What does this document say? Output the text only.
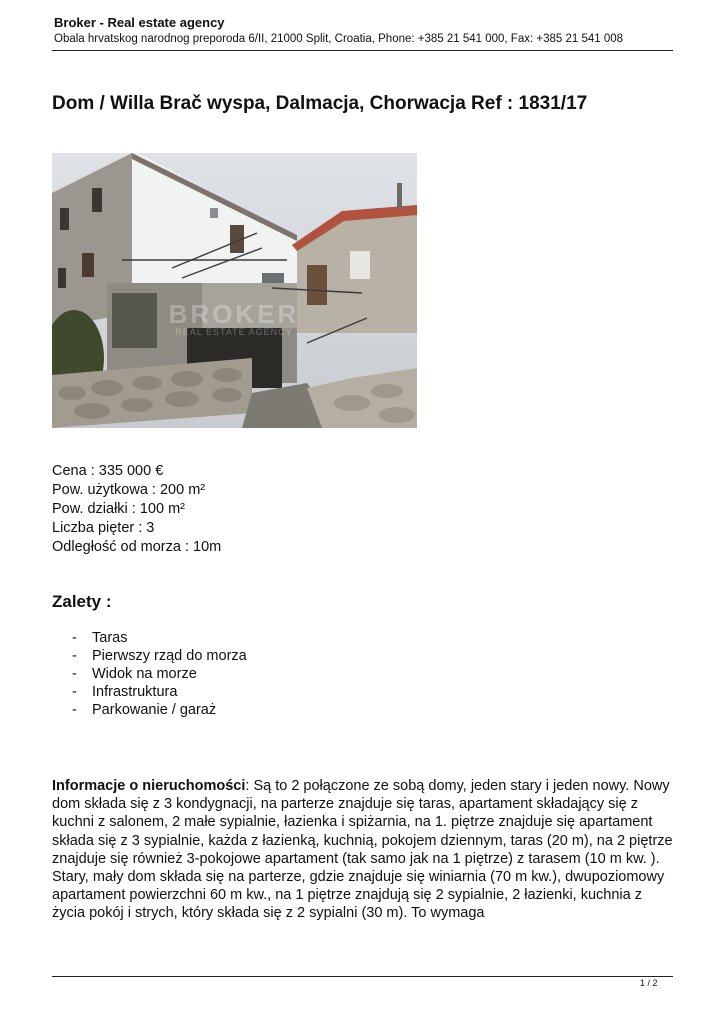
Broker - Real estate agency
Obala hrvatskog narodnog preporoda 6/II, 21000 Split, Croatia, Phone: +385 21 541 000, Fax: +385 21 541 008
Dom / Willa Brač wyspa, Dalmacja, Chorwacja Ref : 1831/17
BROKER
REAL ESTATE AGENCY
Cena : 335 000 €
Pow. użytkowa : 200 m²
Pow. działki : 100 m²
Liczba pięter : 3
Odległość od morza : 10m
Zalety :
- Taras
- Pierwszy rząd do morza
- Widok na morze
- Infrastruktura
- Parkowanie / garaż
Informacje o nieruchomości: Są to 2 połączone ze sobą domy, jeden stary i jeden nowy. Nowy dom składa się z 3 kondygnacji, na parterze znajduje się taras, apartament składający się z kuchni z salonem, 2 małe sypialnie, łazienka i spiżarnia, na 1. piętrze znajduje się apartament składa się z 3 sypialnie, każda z łazienką, kuchnią, pokojem dziennym, taras (20 m), na 2 piętrze znajduje się również 3-pokojowe apartament (tak samo jak na 1 piętrze) z tarasem (10 m kw. ). Stary, mały dom składa się na parterze, gdzie znajduje się winiarnia (70 m kw.), dwupoziomowy apartament powierzchni 60 m kw., na 1 piętrze znajdują się 2 sypialnie, 2 łazienki, kuchnia z życia pokój i strych, który składa się z 2 sypialni (30 m). To wymaga
1 / 2
